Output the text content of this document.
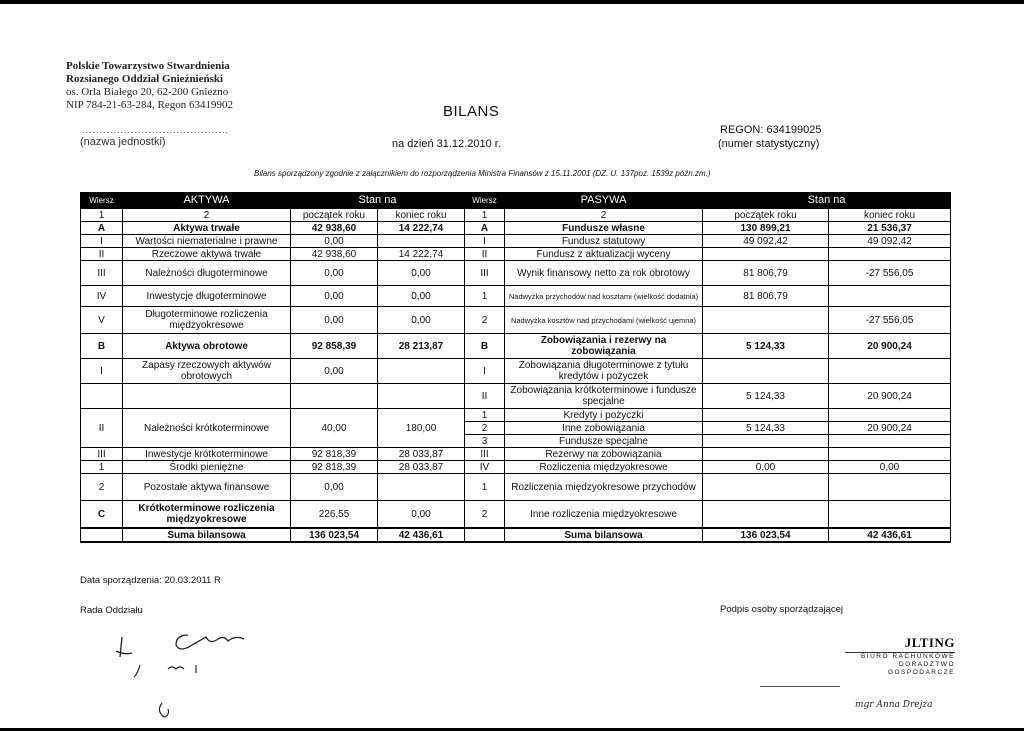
Polskie Towarzystwo Stwardnienia
Rozsianego Oddział Gnieźnieński
os. Orla Białego 20, 62-200 Gniezno
NIP 784-21-63-284, Regon 63419902
..........................................
(nazwa jednostki)
BILANS
na dzień 31.12.2010 r.
REGON: 634199025
(numer statystyczny)
Bilans sporządzony zgodnie z załącznikiem do rozporządzenia Ministra Finansów z 15.11.2001 (DZ. U. 137poz. 1539z późn.zm.)
Wiersz	AKTYWA	Stan na		Wiersz	PASYWA	Stan na	
1	2	początek roku	koniec roku	1	2	początek roku	koniec roku
A	Aktywa trwałe	42 938,60	14 222,74	A	Fundusze własne	130 899,21	21 536,37
I	Wartości niematerialne i prawne	0,00		I	Fundusz statutowy	49 092,42	49 092,42
II	Rzeczowe aktywa trwałe	42 938,60	14 222,74	II	Fundusz z aktualizacji wyceny		
III	Należności długoterminowe	0,00	0,00	III	Wynik finansowy netto za rok obrotowy	81 806,79	-27 556,05
IV	Inwestycje długoterminowe	0,00	0,00	1	Nadwyżka przychodów nad kosztami (wielkość dodatnia)	81 806,79	
V	Długoterminowe rozliczenia międzyokresowe	0,00	0,00	2	Nadwyżka kosztów nad przychodami (wielkość ujemna)		-27 556,05
B	Aktywa obrotowe	92 858,39	28 213,87	B	Zobowiązania i rezerwy na zobowiązania	5 124,33	20 900,24
I	Zapasy rzeczowych aktywów obrotowych	0,00		I	Zobowiązania długoterminowe z tytułu kredytów i pożyczek		
				II	Zobowiązania krótkoterminowe i fundusze specjalne	5 124,33	20 900,24
II	Należności krótkoterminowe	40,00	180,00	1	Kredyty i pożyczki		
				2	Inne zobowiązania	5 124,33	20 900,24
				3	Fundusze specjalne		
III	Inwestycje krótkoterminowe	92 818,39	28 033,87	III	Rezerwy na zobowiązania		
1	Środki pieniężne	92 818,39	28 033,87	IV	Rozliczenia międzyokresowe	0,00	0,00
2	Pozostałe aktywa finansowe	0,00		1	Rozliczenia międzyokresowe przychodów		
C	Krótkoterminowe rozliczenia międzyokresowe	226,55	0,00	2	Inne rozliczenia międzyokresowe		
	Suma bilansowa	136 023,54	42 436,61		Suma bilansowa	136 023,54	42 436,61
Data sporządzenia: 20.03.2011 R
Rada Oddziału	Podpis osoby sporządzającej
JLTING
BIURO RACHUNKOWE
DORADZTWO GOSPODARCZE
mgr Anna Drejza
